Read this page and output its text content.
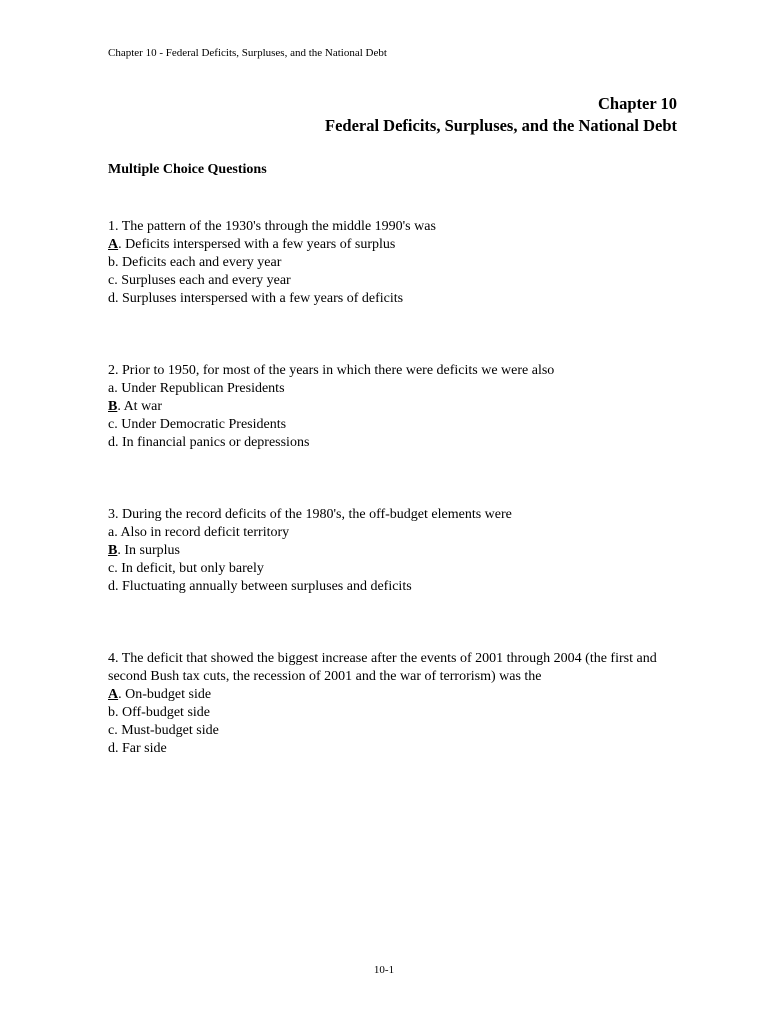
Chapter 10 - Federal Deficits, Surpluses, and the National Debt
Chapter 10
Federal Deficits, Surpluses, and the National Debt
Multiple Choice Questions

1. The pattern of the 1930's through the middle 1990's was

A. Deficits interspersed with a few years of surplus

b. Deficits each and every year

c. Surpluses each and every year

d. Surpluses interspersed with a few years of deficits

2. Prior to 1950, for most of the years in which there were deficits we were also

a. Under Republican Presidents

B. At war

c. Under Democratic Presidents

d. In financial panics or depressions

3. During the record deficits of the 1980's, the off-budget elements were

a. Also in record deficit territory

B. In surplus

c. In deficit, but only barely

d. Fluctuating annually between surpluses and deficits

4. The deficit that showed the biggest increase after the events of 2001 through 2004 (the first and second Bush tax cuts, the recession of 2001 and the war of terrorism) was the

A. On-budget side

b. Off-budget side

c. Must-budget side

d. Far side

10-1
